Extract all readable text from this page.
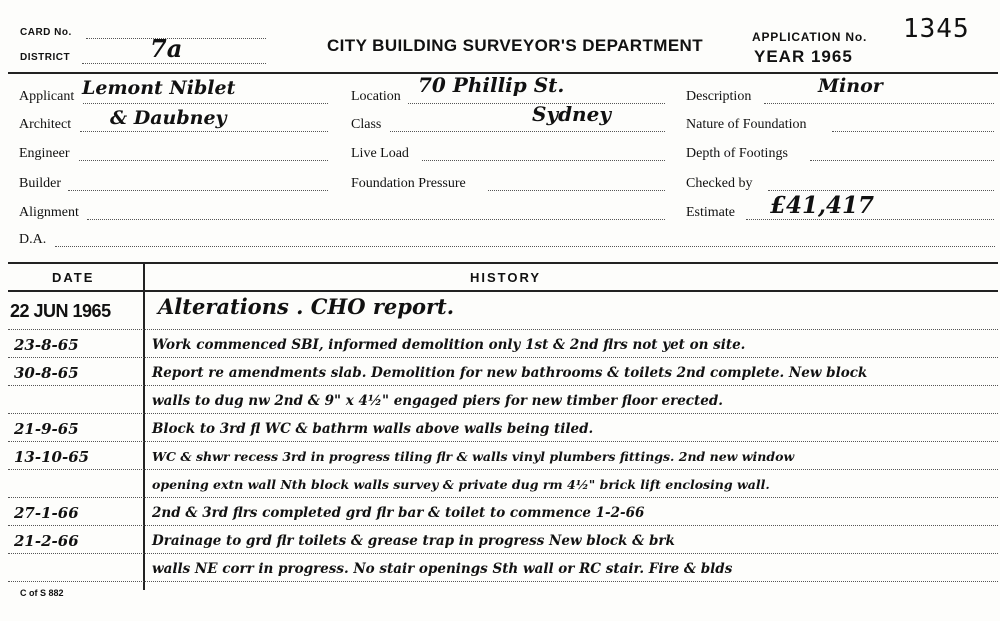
CARD No.
DISTRICT	7a	CITY BUILDING SURVEYOR'S DEPARTMENT	APPLICATION No. 1345
YEAR 1965
Applicant Lemont Niblet
Architect & Daubney
Engineer
Builder
Alignment
D.A.
Location 70 Phillip St.
Class	Sydney
Live Load
Foundation Pressure
Description	Minor
Nature of Foundation
Depth of Footings
Checked by
Estimate £41,417
DATE	HISTORY
22 JUN 1965 Alterations . CHO report.
23-8-65	Work commenced SBI, informed demolition only 1st & 2nd flrs not yet on site.
30-8-65	Report re amendments slab. Demolition for new bathrooms & toilets 2nd complete. New block
walls to dug nw 2nd & 9" x 4½" engaged piers for new timber floor erected.
21-9-65	Block to 3rd fl WC & bathrm walls above walls being tiled.
13-10-65	WC & shwr recess 3rd in progress tiling flr & walls vinyl plumbers fittings. 2nd new window
opening extn wall Nth block walls survey & private dug rm 4½" brick lift enclosing wall.
27-1-66	2nd & 3rd flrs completed grd flr bar & toilet to commence 1-2-66
21-2-66	Drainage to grd flr toilets & grease trap in progress New block & brk
walls NE corr in progress. No stair openings Sth wall or RC stair. Fire & blds
C of S 882
